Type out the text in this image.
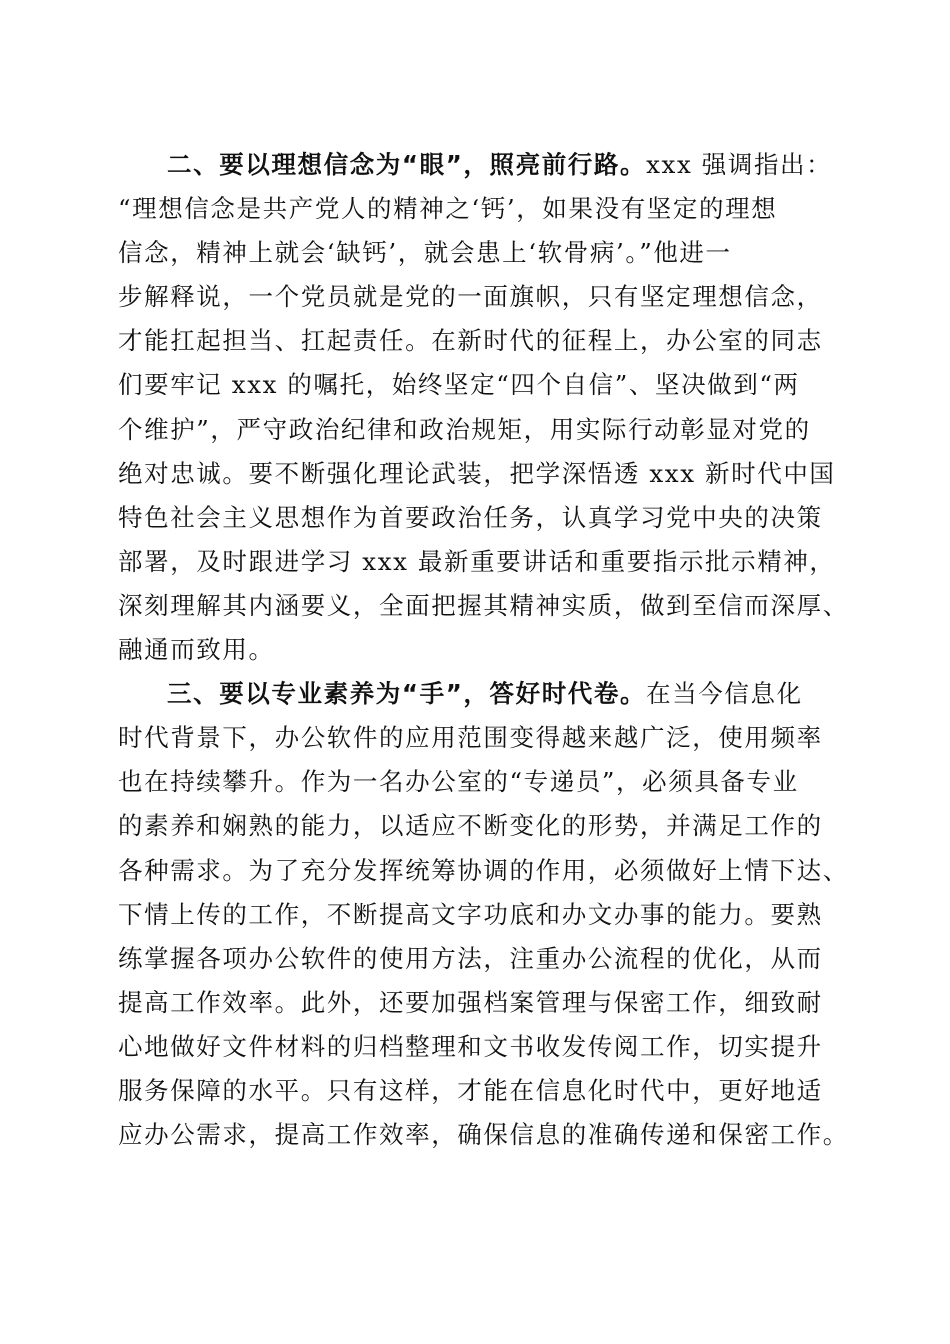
二、要以理想信念为“眼”，照亮前行路。xxx 强调指出：
“理想信念是共产党人的精神之‘钙’，如果没有坚定的理想
信念，精神上就会‘缺钙’，就会患上‘软骨病’。”他进一
步解释说，一个党员就是党的一面旗帜，只有坚定理想信念，
才能扛起担当、扛起责任。在新时代的征程上，办公室的同志
们要牢记 xxx 的嘱托，始终坚定“四个自信”、坚决做到“两
个维护”，严守政治纪律和政治规矩，用实际行动彰显对党的
绝对忠诚。要不断强化理论武装，把学深悟透 xxx 新时代中国
特色社会主义思想作为首要政治任务，认真学习党中央的决策
部署，及时跟进学习 xxx 最新重要讲话和重要指示批示精神，
深刻理解其内涵要义，全面把握其精神实质，做到至信而深厚、
融通而致用。
三、要以专业素养为“手”，答好时代卷。在当今信息化
时代背景下，办公软件的应用范围变得越来越广泛，使用频率
也在持续攀升。作为一名办公室的“专递员”，必须具备专业
的素养和娴熟的能力，以适应不断变化的形势，并满足工作的
各种需求。为了充分发挥统筹协调的作用，必须做好上情下达、
下情上传的工作，不断提高文字功底和办文办事的能力。要熟
练掌握各项办公软件的使用方法，注重办公流程的优化，从而
提高工作效率。此外，还要加强档案管理与保密工作，细致耐
心地做好文件材料的归档整理和文书收发传阅工作，切实提升
服务保障的水平。只有这样，才能在信息化时代中，更好地适
应办公需求，提高工作效率，确保信息的准确传递和保密工作。
